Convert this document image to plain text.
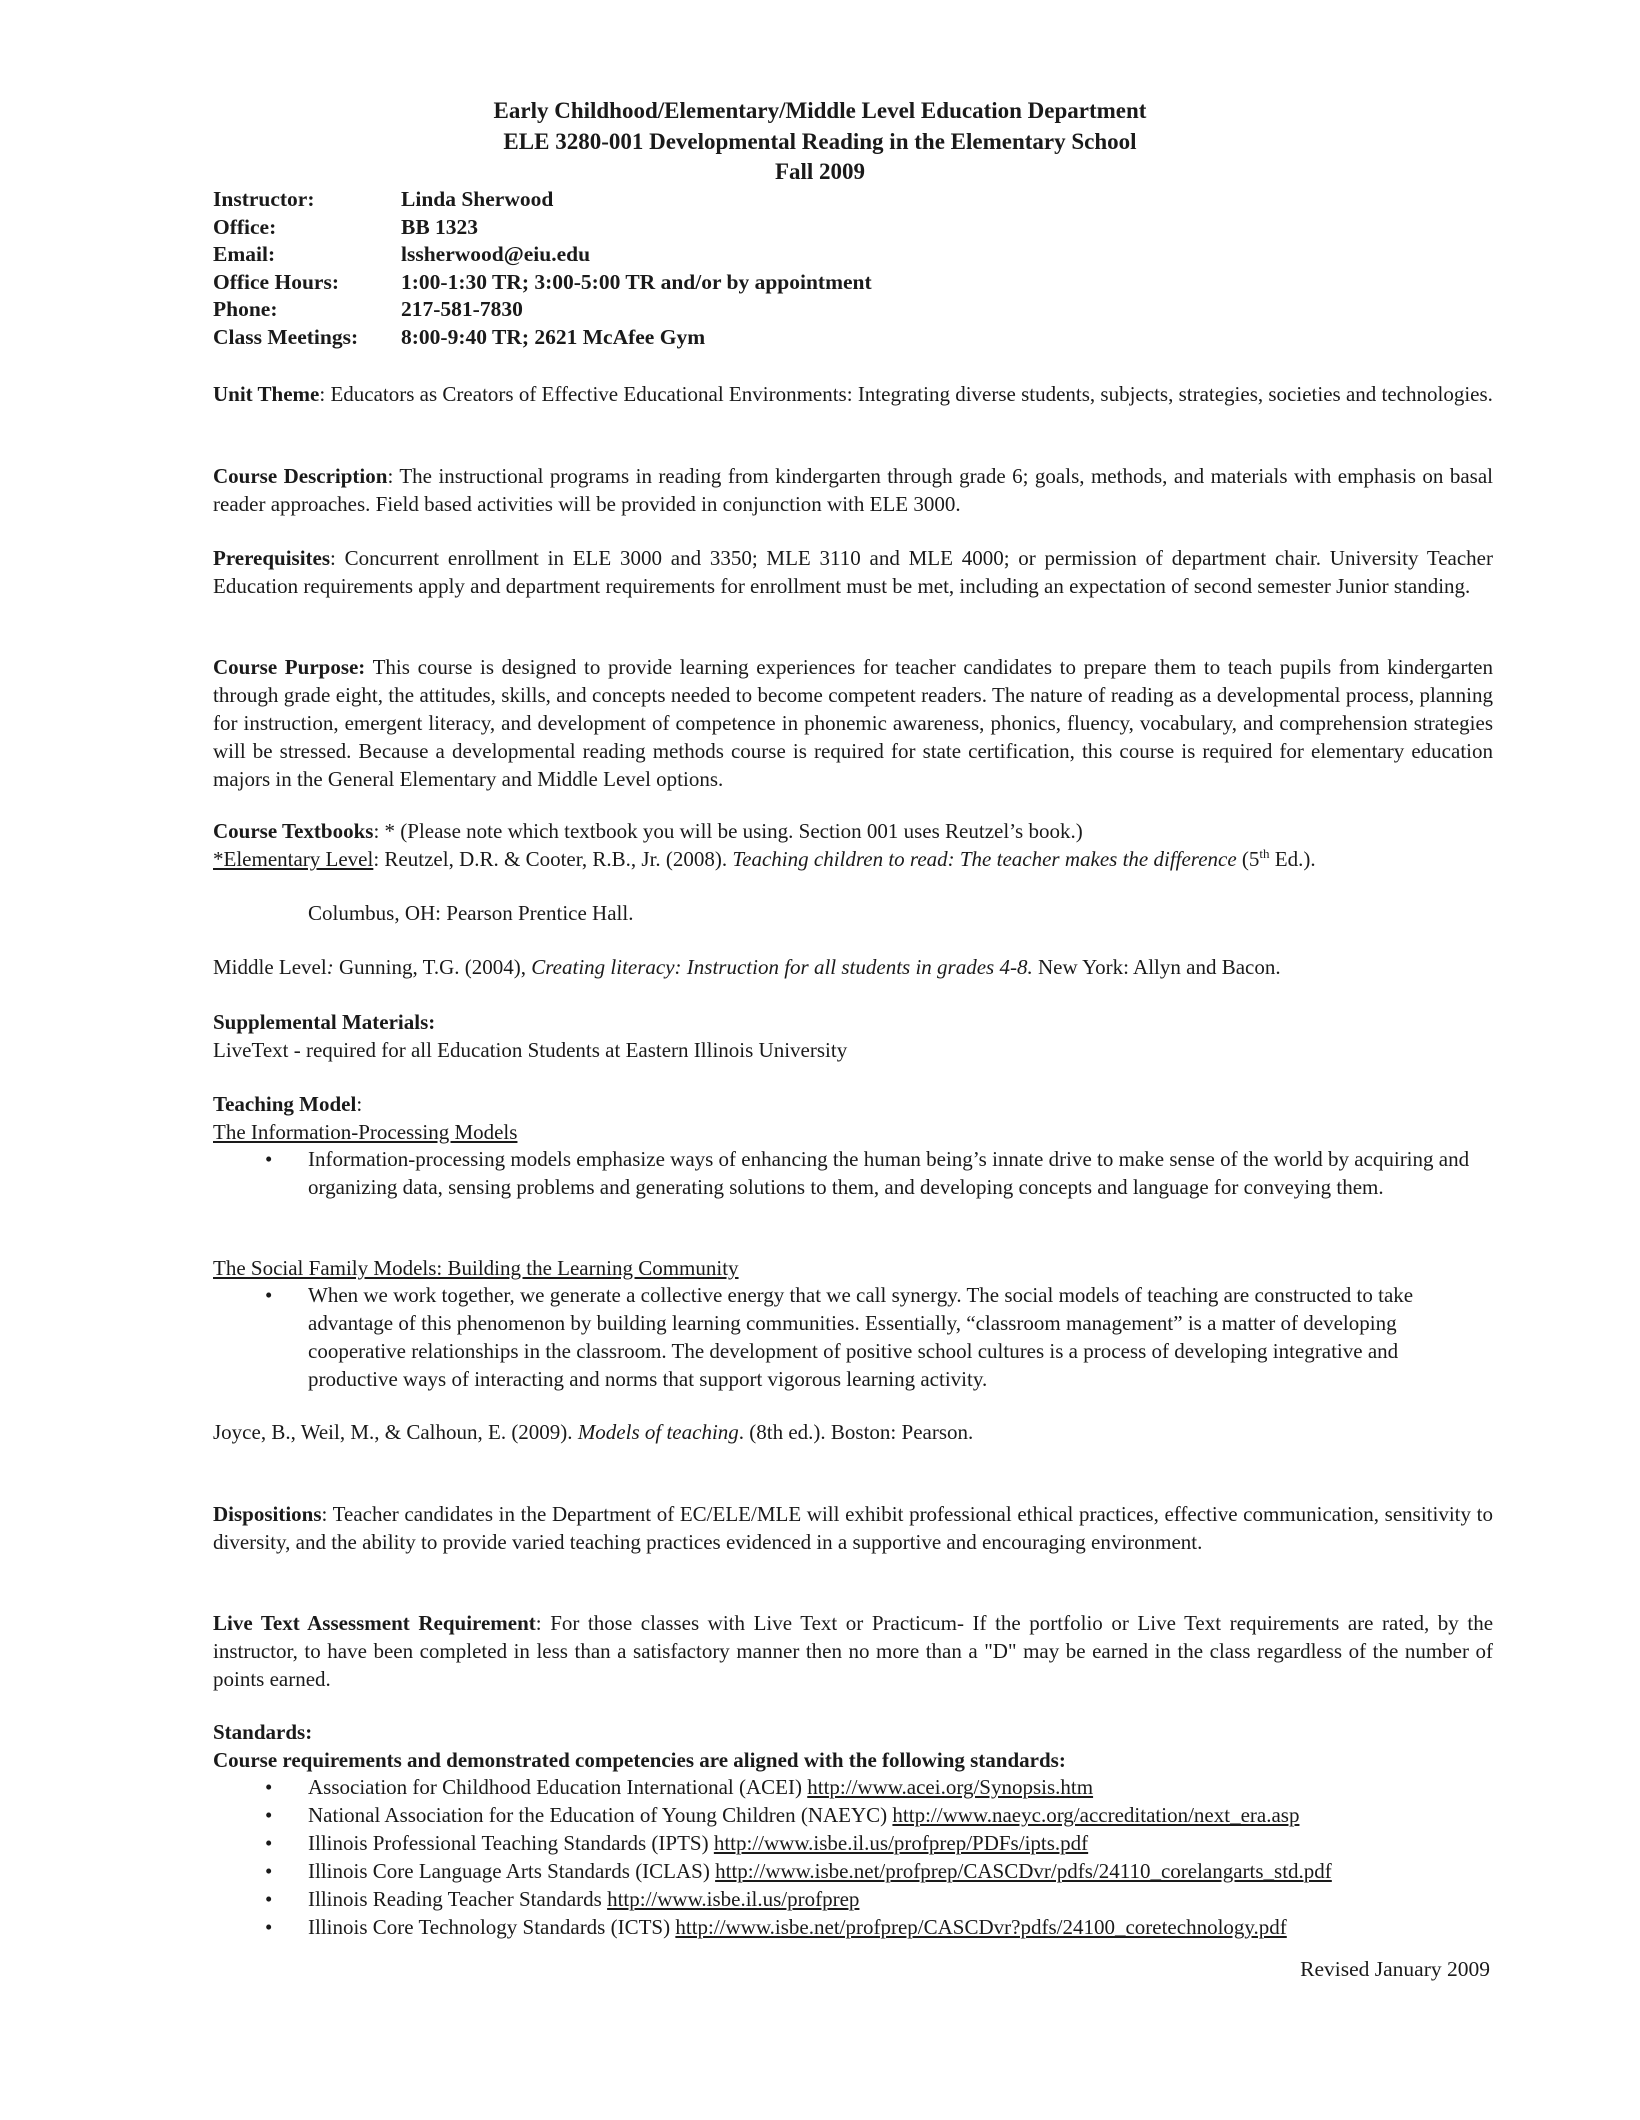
Early Childhood/Elementary/Middle Level Education Department
ELE 3280-001 Developmental Reading in the Elementary School
Fall 2009
Instructor:	Linda Sherwood
Office:	BB 1323
Email:	lssherwood@eiu.edu
Office Hours:	1:00-1:30 TR; 3:00-5:00 TR and/or by appointment
Phone:	217-581-7830
Class Meetings:	8:00-9:40 TR; 2621 McAfee Gym
Unit Theme: Educators as Creators of Effective Educational Environments: Integrating diverse students, subjects, strategies, societies and technologies.
Course Description: The instructional programs in reading from kindergarten through grade 6; goals, methods, and materials with emphasis on basal reader approaches. Field based activities will be provided in conjunction with ELE 3000.
Prerequisites: Concurrent enrollment in ELE 3000 and 3350; MLE 3110 and MLE 4000; or permission of department chair. University Teacher Education requirements apply and department requirements for enrollment must be met, including an expectation of second semester Junior standing.
Course Purpose: This course is designed to provide learning experiences for teacher candidates to prepare them to teach pupils from kindergarten through grade eight, the attitudes, skills, and concepts needed to become competent readers. The nature of reading as a developmental process, planning for instruction, emergent literacy, and development of competence in phonemic awareness, phonics, fluency, vocabulary, and comprehension strategies will be stressed. Because a developmental reading methods course is required for state certification, this course is required for elementary education majors in the General Elementary and Middle Level options.
Course Textbooks: * (Please note which textbook you will be using. Section 001 uses Reutzel’s book.)
*Elementary Level: Reutzel, D.R. & Cooter, R.B., Jr. (2008). Teaching children to read: The teacher makes the difference (5th Ed.).
Columbus, OH: Pearson Prentice Hall.
Middle Level: Gunning, T.G. (2004), Creating literacy: Instruction for all students in grades 4-8. New York: Allyn and Bacon.
Supplemental Materials:
LiveText - required for all Education Students at Eastern Illinois University
Teaching Model:
The Information-Processing Models
•	Information-processing models emphasize ways of enhancing the human being’s innate drive to make sense of the world by acquiring and organizing data, sensing problems and generating solutions to them, and developing concepts and language for conveying them.
The Social Family Models: Building the Learning Community
•	When we work together, we generate a collective energy that we call synergy. The social models of teaching are constructed to take advantage of this phenomenon by building learning communities. Essentially, “classroom management” is a matter of developing cooperative relationships in the classroom. The development of positive school cultures is a process of developing integrative and productive ways of interacting and norms that support vigorous learning activity.
Joyce, B., Weil, M., & Calhoun, E. (2009). Models of teaching. (8th ed.). Boston: Pearson.
Dispositions: Teacher candidates in the Department of EC/ELE/MLE will exhibit professional ethical practices, effective communication, sensitivity to diversity, and the ability to provide varied teaching practices evidenced in a supportive and encouraging environment.
Live Text Assessment Requirement: For those classes with Live Text or Practicum- If the portfolio or Live Text requirements are rated, by the instructor, to have been completed in less than a satisfactory manner then no more than a "D" may be earned in the class regardless of the number of points earned.
Standards:
Course requirements and demonstrated competencies are aligned with the following standards:
•	Association for Childhood Education International (ACEI) http://www.acei.org/Synopsis.htm
•	National Association for the Education of Young Children (NAEYC) http://www.naeyc.org/accreditation/next_era.asp
•	Illinois Professional Teaching Standards (IPTS) http://www.isbe.il.us/profprep/PDFs/ipts.pdf
•	Illinois Core Language Arts Standards (ICLAS) http://www.isbe.net/profprep/CASCDvr/pdfs/24110_corelangarts_std.pdf
•	Illinois Reading Teacher Standards http://www.isbe.il.us/profprep
•	Illinois Core Technology Standards (ICTS) http://www.isbe.net/profprep/CASCDvr?pdfs/24100_coretechnology.pdf
Revised January 2009
